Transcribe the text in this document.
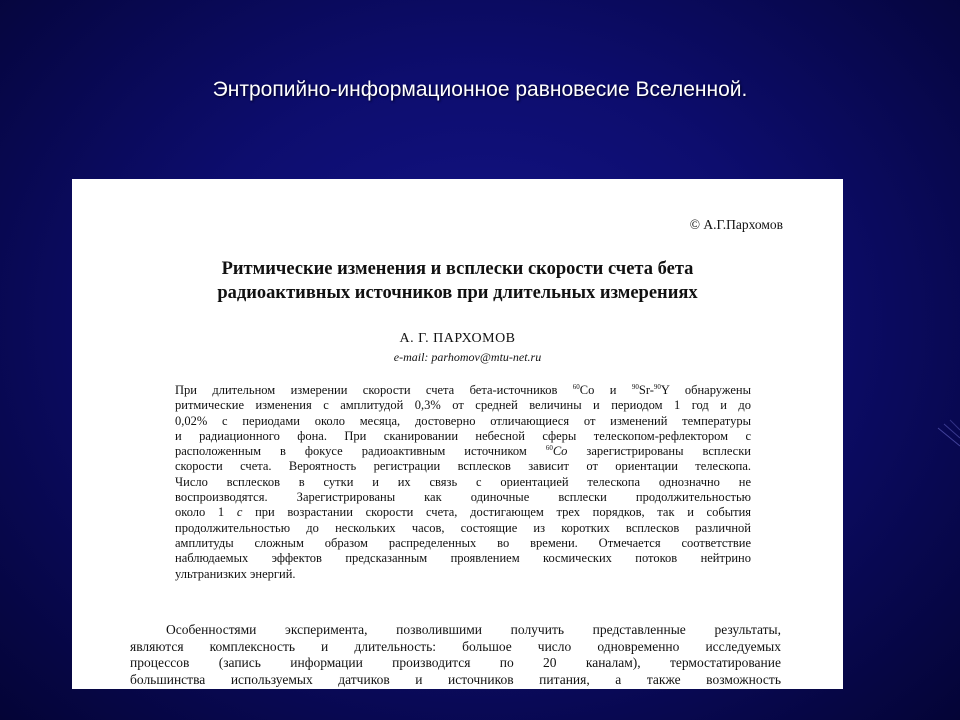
Энтропийно-информационное равновесие Вселенной.
© А.Г.Пархомов
Ритмические изменения и всплески скорости счета бета
радиоактивных источников при длительных измерениях
А. Г. ПАРХОМОВ
e-mail: parhomov@mtu-net.ru
При длительном измерении скорости счета бета-источников $^{60}$Co и $^{90}$Sr-$^{90}$Y обнаружены
ритмические изменения с амплитудой 0,3% от средней величины и периодом 1 год и до
0,02% с периодами около месяца, достоверно отличающиеся от изменений температуры
и радиационного фона. При сканировании небесной сферы телескопом-рефлектором с
расположенным в фокусе радиоактивным источником $^{60}$Co зарегистрированы всплески
скорости счета. Вероятность регистрации всплесков зависит от ориентации телескопа.
Число всплесков в сутки и их связь с ориентацией телескопа однозначно не
воспроизводятся. Зарегистрированы как одиночные всплески продолжительностью
около 1 c при возрастании скорости счета, достигающем трех порядков, так и события
продолжительностью до нескольких часов, состоящие из коротких всплесков различной
амплитуды сложным образом распределенных во времени. Отмечается соответствие
наблюдаемых эффектов предсказанным проявлением космических потоков нейтрино
ультранизких энергий.
Особенностями эксперимента, позволившими получить представленные результаты,
являются комплексность и длительность: большое число одновременно исследуемых
процессов (запись информации производится по 20 каналам), термостатирование
большинства используемых датчиков и источников питания, а также возможность
